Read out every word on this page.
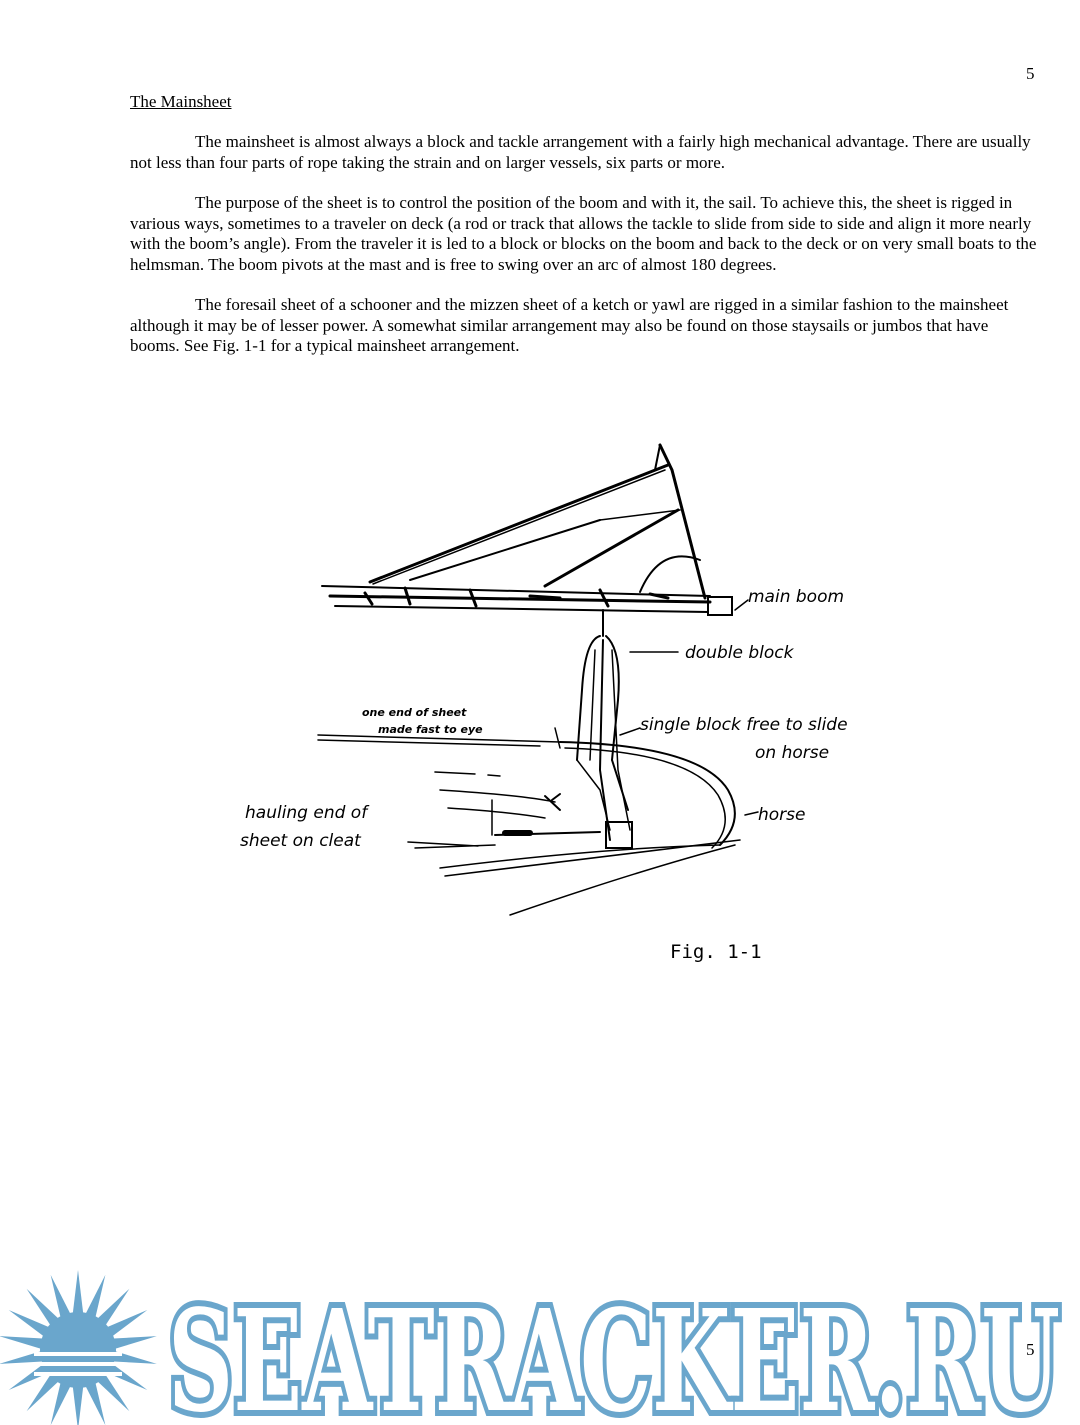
5
The Mainsheet

The mainsheet is almost always a block and tackle arrangement with a fairly high mechanical advantage. There are usually not less than four parts of rope taking the strain and on larger vessels, six parts or more.

The purpose of the sheet is to control the position of the boom and with it, the sail. To achieve this, the sheet is rigged in various ways, sometimes to a traveler on deck (a rod or track that allows the tackle to slide from side to side and align it more nearly with the boom’s angle). From the traveler it is led to a block or blocks on the boom and back to the deck or on very small boats to the helmsman. The boom pivots at the mast and is free to swing over an arc of almost 180 degrees.

The foresail sheet of a schooner and the mizzen sheet of a ketch or yawl are rigged in a similar fashion to the mainsheet although it may be of lesser power. A somewhat similar arrangement may also be found on those staysails or jumbos that have booms. See Fig. 1-1 for a typical mainsheet arrangement.

main boom
double block
one end of sheet
made fast to eye	single block free to slide
on horse
horse
hauling end of
sheet on cleat
Fig. 1-1
SEATRACKER.RU
5
